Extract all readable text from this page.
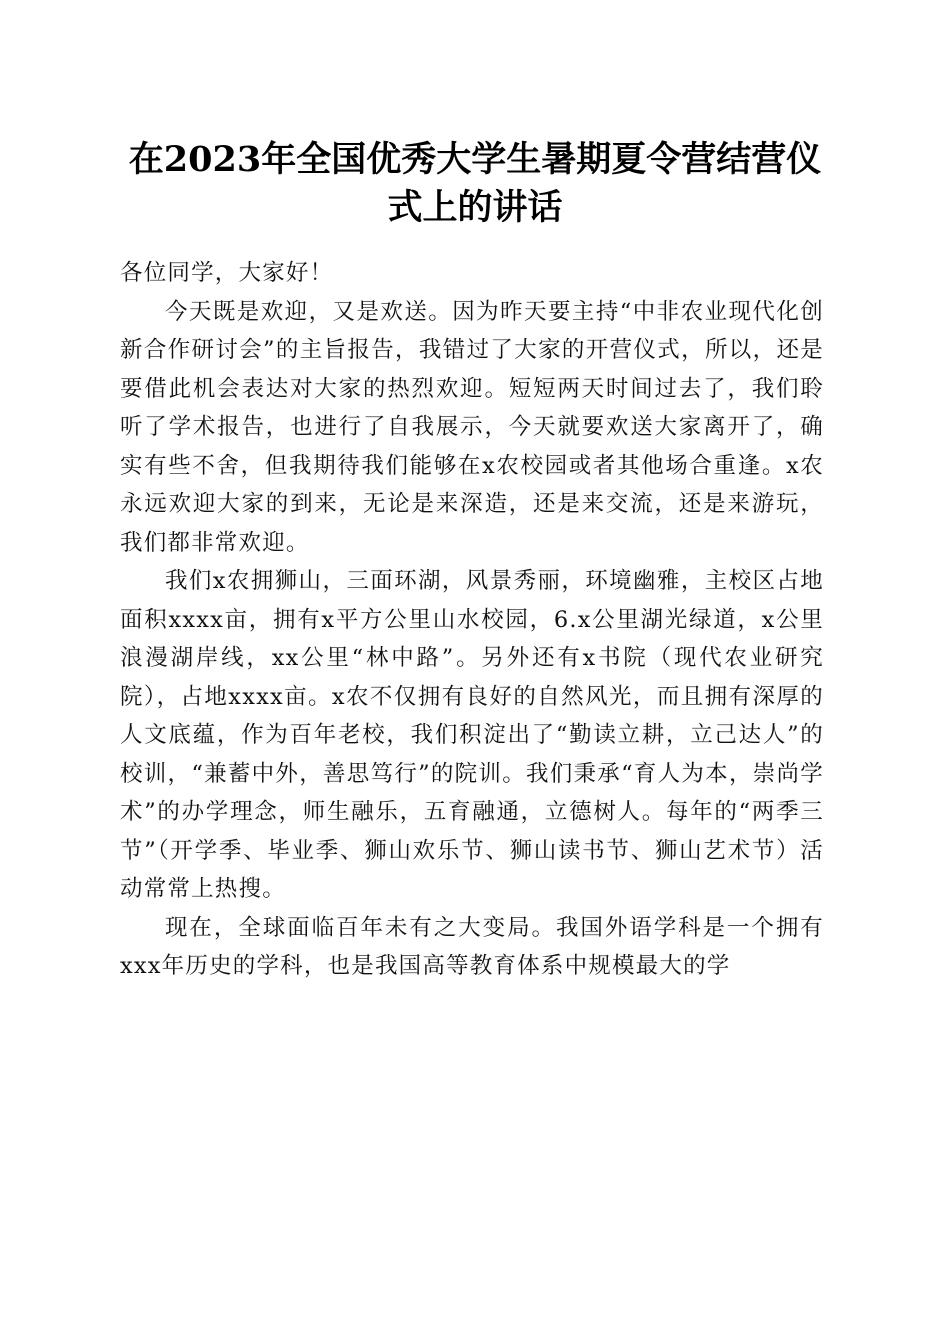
在2023年全国优秀大学生暑期夏令营结营仪
式上的讲话

各位同学，大家好！

今天既是欢迎，又是欢送。因为昨天要主持“中非农业现代化创新合作研讨会”的主旨报告，我错过了大家的开营仪式，所以，还是要借此机会表达对大家的热烈欢迎。短短两天时间过去了，我们聆听了学术报告，也进行了自我展示，今天就要欢送大家离开了，确实有些不舍，但我期待我们能够在x农校园或者其他场合重逢。x农永远欢迎大家的到来，无论是来深造，还是来交流，还是来游玩，我们都非常欢迎。

我们x农拥狮山，三面环湖，风景秀丽，环境幽雅，主校区占地面积xxxx亩，拥有x平方公里山水校园，6.x公里湖光绿道，x公里浪漫湖岸线，xx公里“林中路”。另外还有x书院（现代农业研究院），占地xxxx亩。x农不仅拥有良好的自然风光，而且拥有深厚的人文底蕴，作为百年老校，我们积淀出了“勤读立耕，立己达人”的校训，“兼蓄中外，善思笃行”的院训。我们秉承“育人为本，崇尚学术”的办学理念，师生融乐，五育融通，立德树人。每年的“两季三节”（开学季、毕业季、狮山欢乐节、狮山读书节、狮山艺术节）活动常常上热搜。

现在，全球面临百年未有之大变局。我国外语学科是一个拥有xxx年历史的学科，也是我国高等教育体系中规模最大的学
